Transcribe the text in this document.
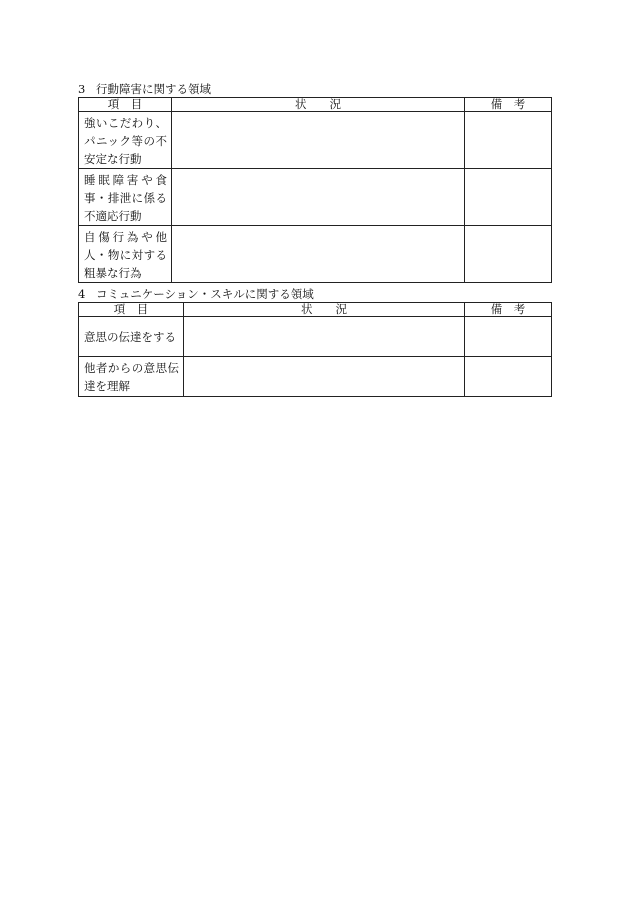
3 行動障害に関する領域
項　目	状　　況	備　考
強いこだわり、パニック等の不安定な行動		
睡眠障害や食事・排泄に係る不適応行動		
自傷行為や他人・物に対する粗暴な行為		
4 コミュニケーション・スキルに関する領域
項　目	状　　況	備　考
意思の伝達をする		
他者からの意思伝達を理解		
